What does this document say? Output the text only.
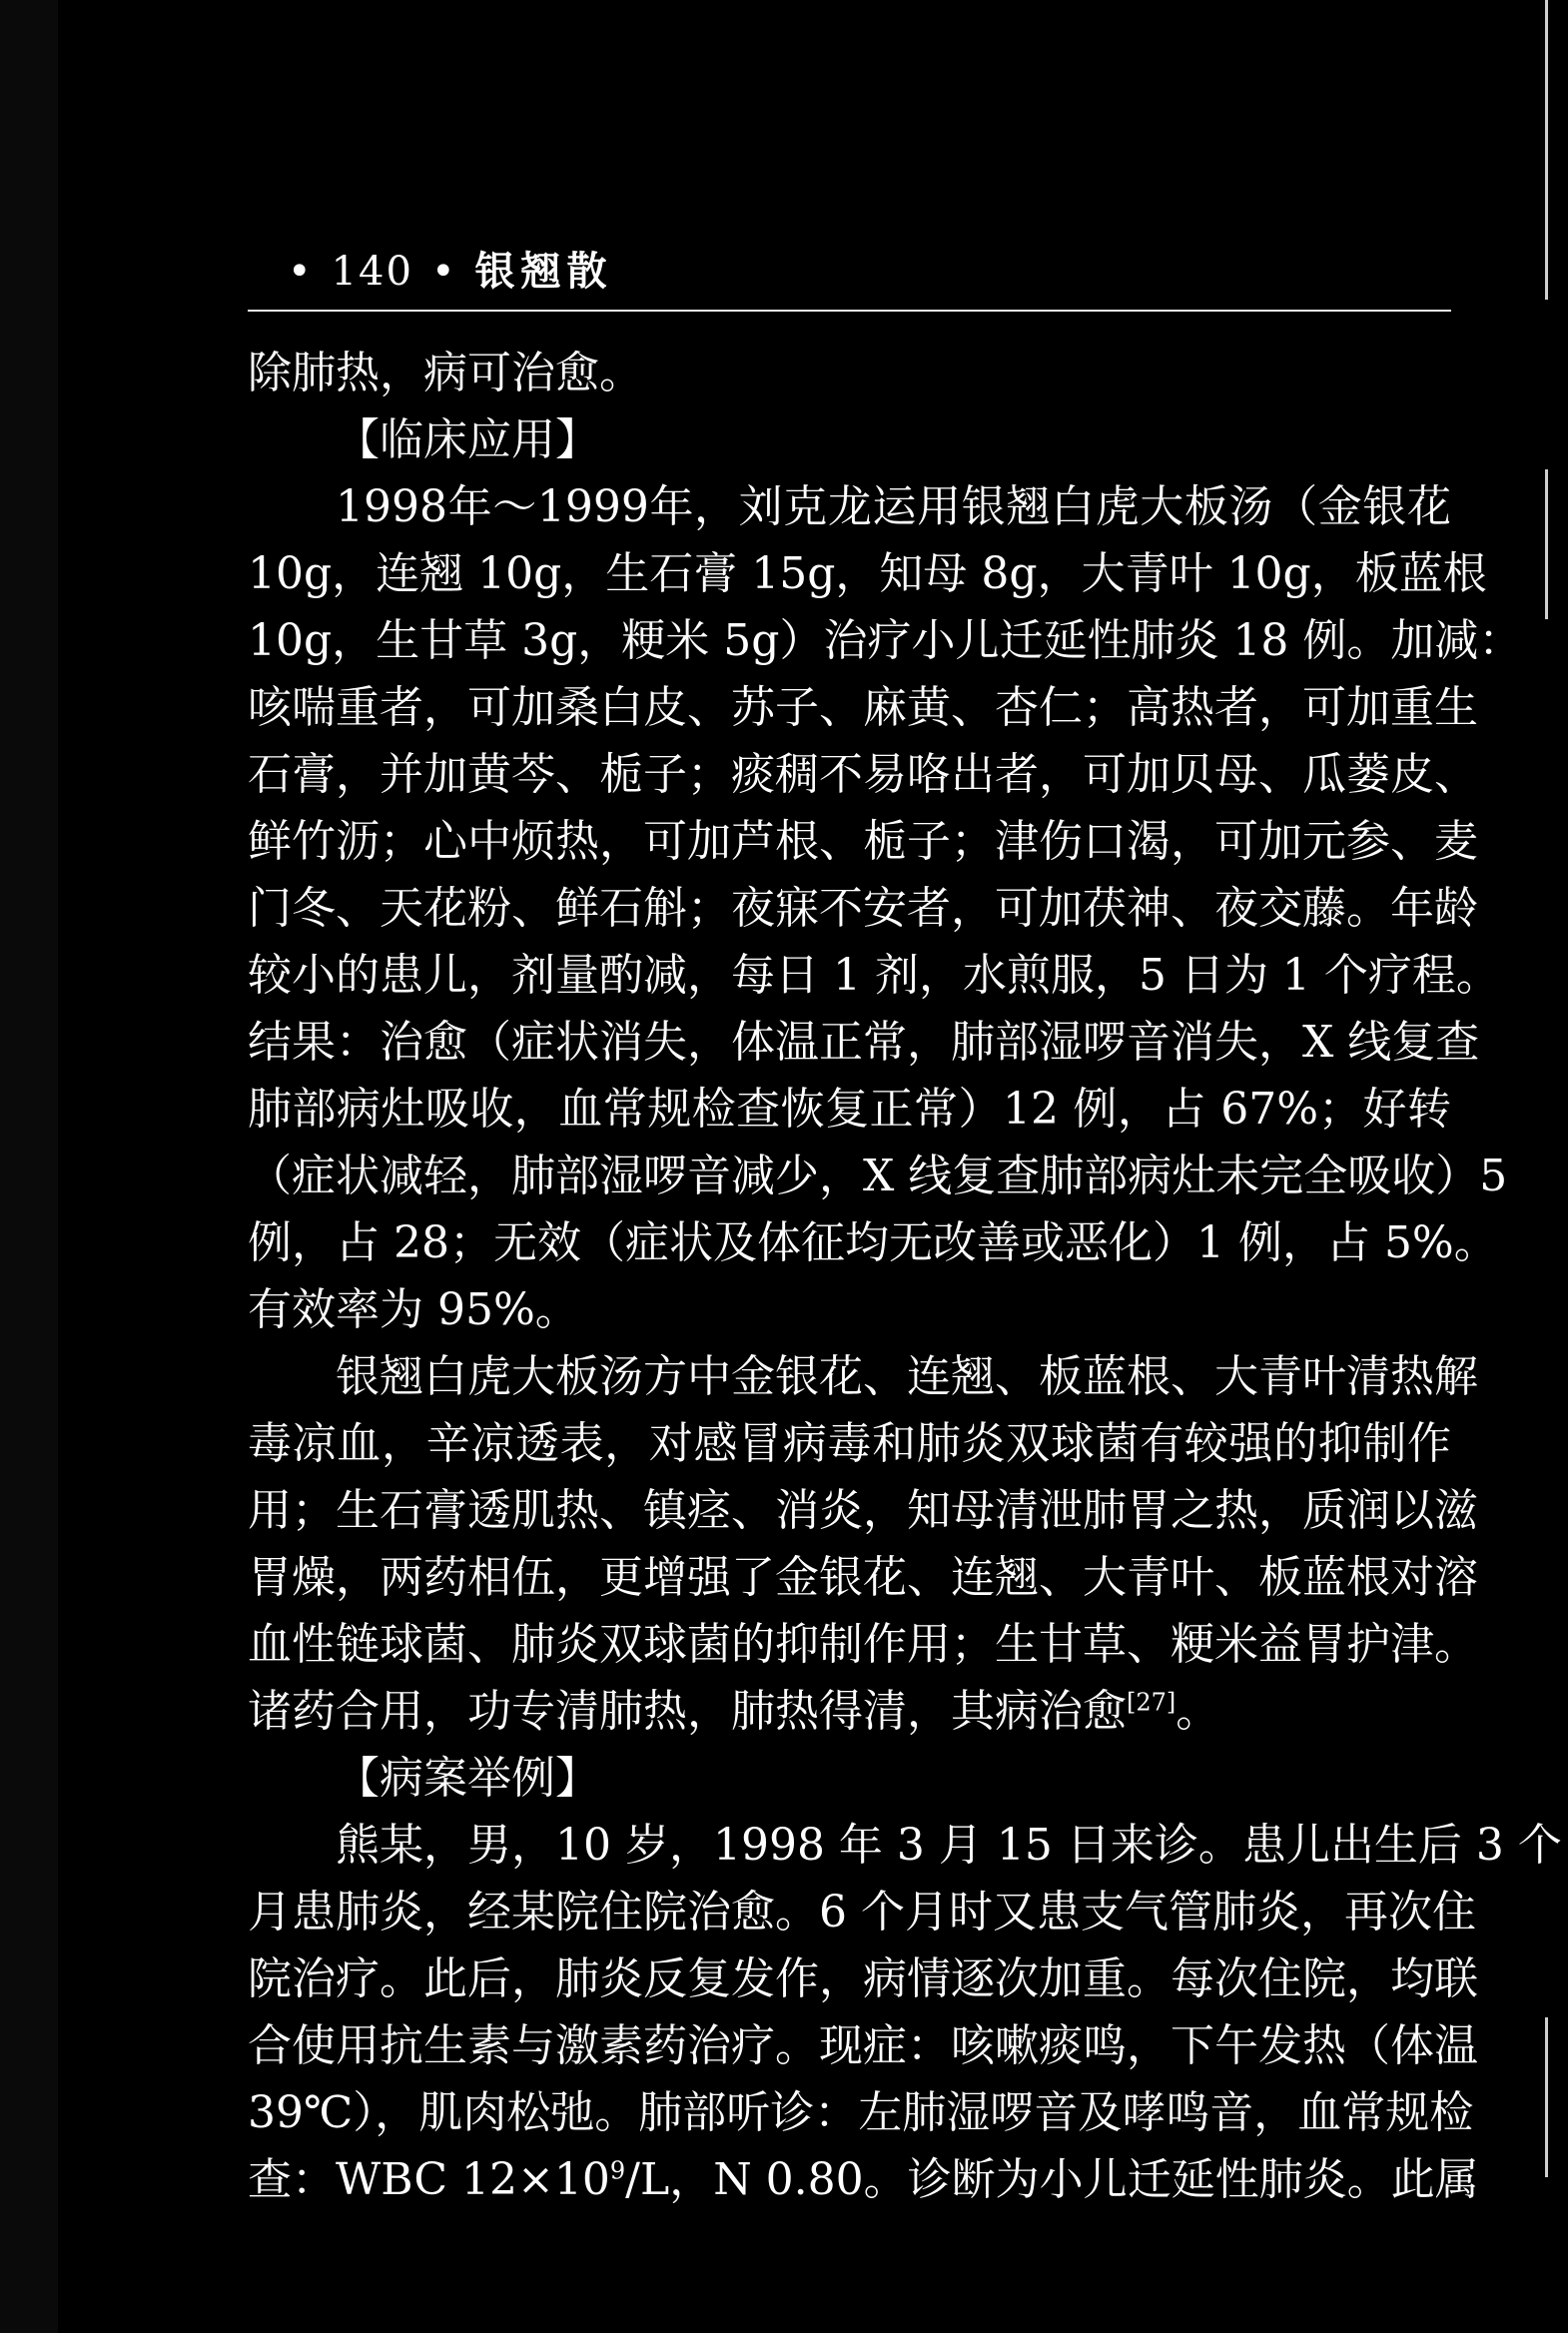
• 140 • 银翘散
除肺热，病可治愈。
【临床应用】
1998年～1999年，刘克龙运用银翘白虎大板汤（金银花
10g，连翘 10g，生石膏 15g，知母 8g，大青叶 10g，板蓝根
10g，生甘草 3g，粳米 5g）治疗小儿迁延性肺炎 18 例。加减：
咳喘重者，可加桑白皮、苏子、麻黄、杏仁；高热者，可加重生
石膏，并加黄芩、栀子；痰稠不易咯出者，可加贝母、瓜蒌皮、
鲜竹沥；心中烦热，可加芦根、栀子；津伤口渴，可加元参、麦
门冬、天花粉、鲜石斛；夜寐不安者，可加茯神、夜交藤。年龄
较小的患儿，剂量酌减，每日 1 剂，水煎服，5 日为 1 个疗程。
结果：治愈（症状消失，体温正常，肺部湿啰音消失，X 线复查
肺部病灶吸收，血常规检查恢复正常）12 例，占 67%；好转
（症状减轻，肺部湿啰音减少，X 线复查肺部病灶未完全吸收）5
例，占 28；无效（症状及体征均无改善或恶化）1 例，占 5%。
有效率为 95%。
银翘白虎大板汤方中金银花、连翘、板蓝根、大青叶清热解
毒凉血，辛凉透表，对感冒病毒和肺炎双球菌有较强的抑制作
用；生石膏透肌热、镇痉、消炎，知母清泄肺胃之热，质润以滋
胃燥，两药相伍，更增强了金银花、连翘、大青叶、板蓝根对溶
血性链球菌、肺炎双球菌的抑制作用；生甘草、粳米益胃护津。
诸药合用，功专清肺热，肺热得清，其病治愈[27]。
【病案举例】
熊某，男，10 岁，1998 年 3 月 15 日来诊。患儿出生后 3 个
月患肺炎，经某院住院治愈。6 个月时又患支气管肺炎，再次住
院治疗。此后，肺炎反复发作，病情逐次加重。每次住院，均联
合使用抗生素与激素药治疗。现症：咳嗽痰鸣，下午发热（体温
39℃），肌肉松弛。肺部听诊：左肺湿啰音及哮鸣音，血常规检
查：WBC $12\times 10^9/L$，N 0.80。诊断为小儿迁延性肺炎。此属
